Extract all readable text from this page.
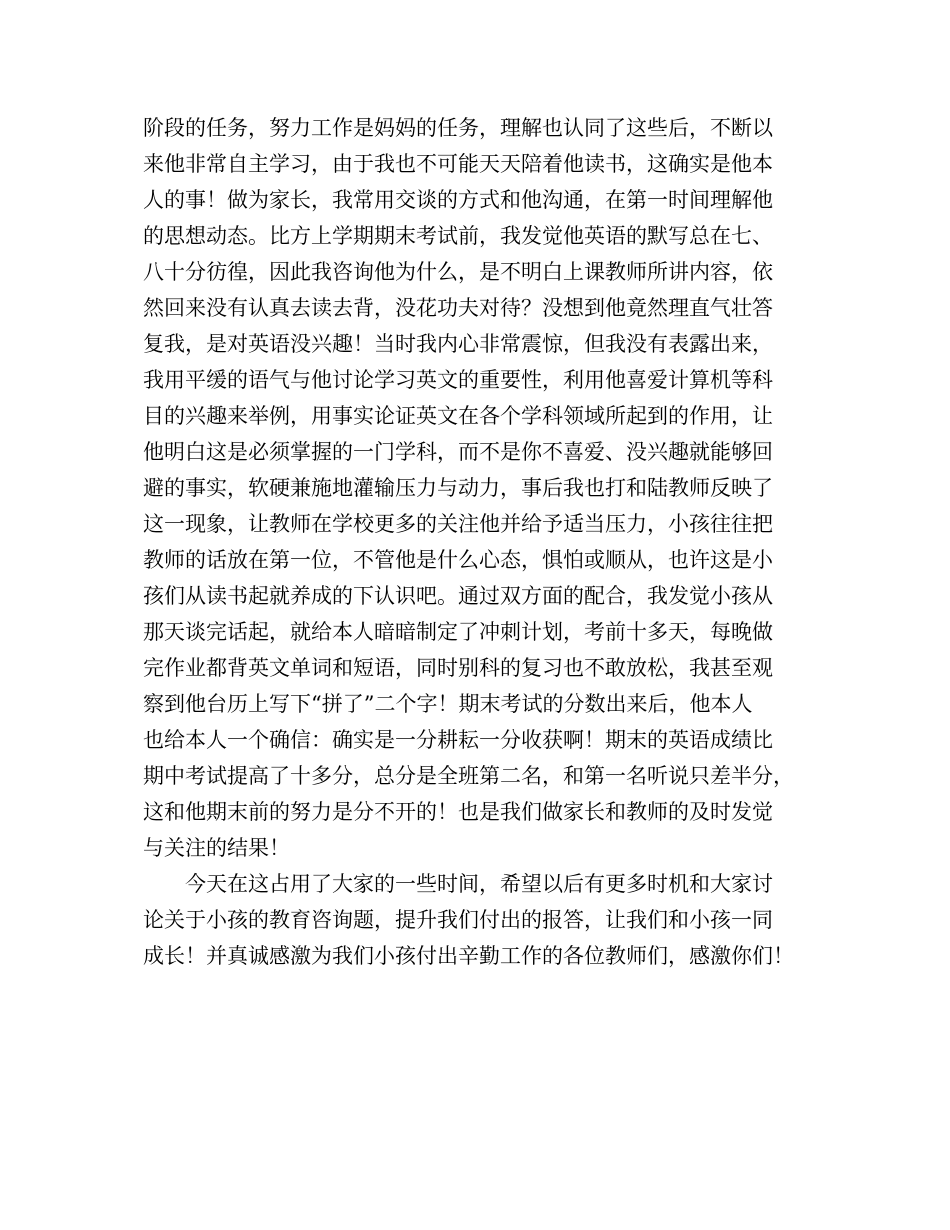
阶段的任务，努力工作是妈妈的任务，理解也认同了这些后，不断以
来他非常自主学习，由于我也不可能天天陪着他读书，这确实是他本
人的事！做为家长，我常用交谈的方式和他沟通，在第一时间理解他
的思想动态。比方上学期期末考试前，我发觉他英语的默写总在七、
八十分彷徨，因此我咨询他为什么，是不明白上课教师所讲内容，依
然回来没有认真去读去背，没花功夫对待？没想到他竟然理直气壮答
复我，是对英语没兴趣！当时我内心非常震惊，但我没有表露出来，
我用平缓的语气与他讨论学习英文的重要性，利用他喜爱计算机等科
目的兴趣来举例，用事实论证英文在各个学科领域所起到的作用，让
他明白这是必须掌握的一门学科，而不是你不喜爱、没兴趣就能够回
避的事实，软硬兼施地灌输压力与动力，事后我也打和陆教师反映了
这一现象，让教师在学校更多的关注他并给予适当压力，小孩往往把
教师的话放在第一位，不管他是什么心态，惧怕或顺从，也许这是小
孩们从读书起就养成的下认识吧。通过双方面的配合，我发觉小孩从
那天谈完话起，就给本人暗暗制定了冲刺计划，考前十多天，每晚做
完作业都背英文单词和短语，同时别科的复习也不敢放松，我甚至观
察到他台历上写下“拼了”二个字！期末考试的分数出来后，他本人
也给本人一个确信：确实是一分耕耘一分收获啊！期末的英语成绩比
期中考试提高了十多分，总分是全班第二名，和第一名听说只差半分，
这和他期末前的努力是分不开的！也是我们做家长和教师的及时发觉
与关注的结果！
今天在这占用了大家的一些时间，希望以后有更多时机和大家讨
论关于小孩的教育咨询题，提升我们付出的报答，让我们和小孩一同
成长！并真诚感激为我们小孩付出辛勤工作的各位教师们，感激你们！
